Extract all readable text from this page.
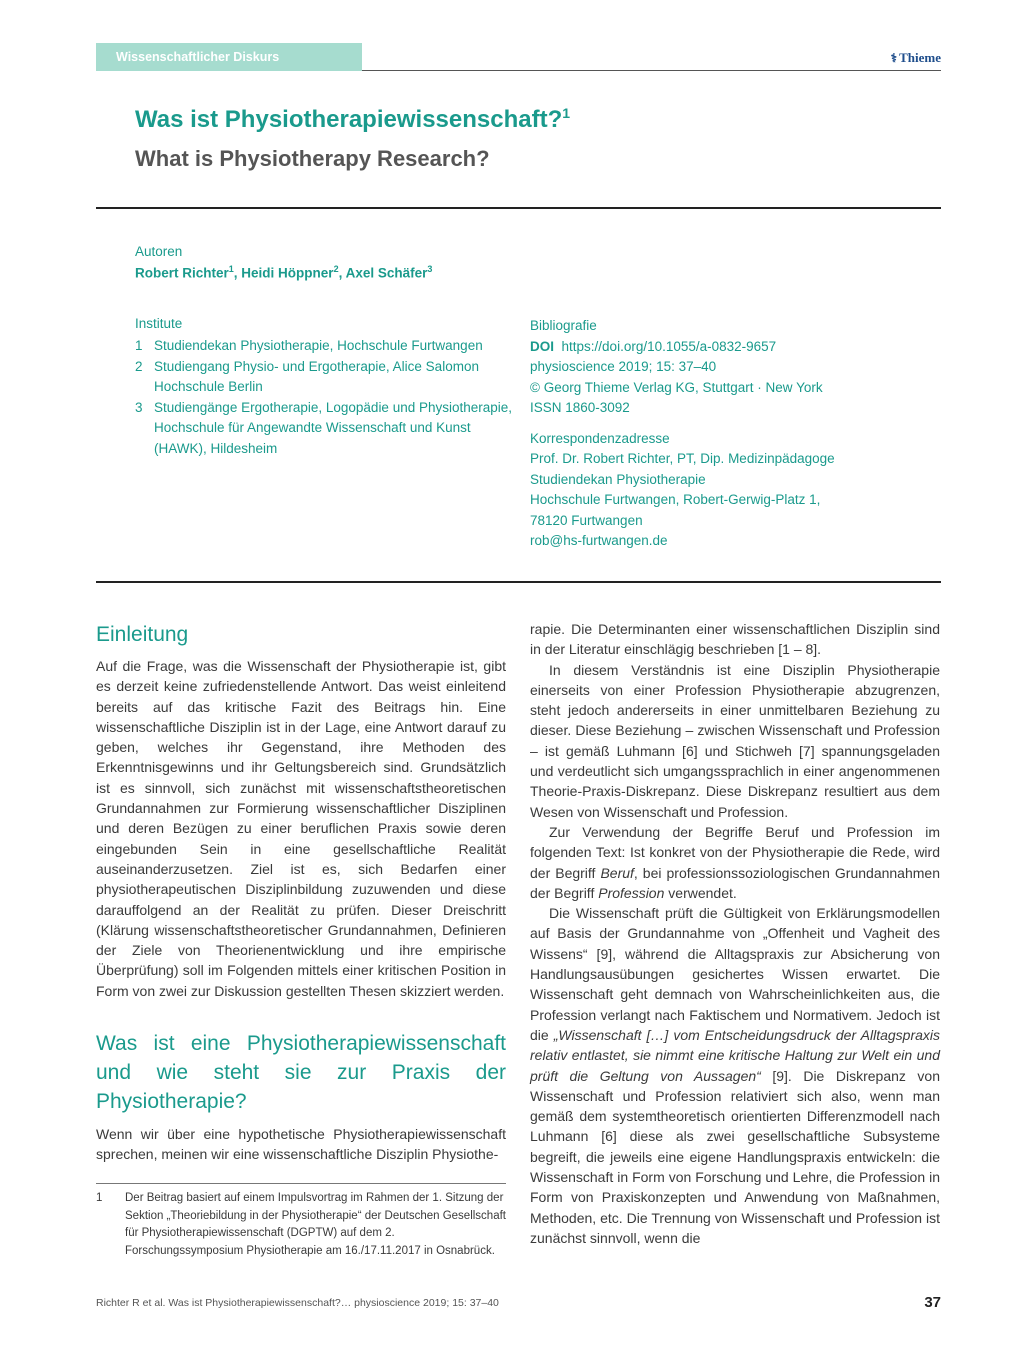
Wissenschaftlicher Diskurs	⚕ Thieme
Was ist Physiotherapiewissenschaft?$^1$
What is Physiotherapy Research?
Autoren
Robert Richter$^1$, Heidi Höppner$^2$, Axel Schäfer$^3$
Institute
1 Studiendekan Physiotherapie, Hochschule Furtwangen
2 Studiengang Physio- und Ergotherapie, Alice Salomon Hochschule Berlin
3 Studiengänge Ergotherapie, Logopädie und Physiotherapie, Hochschule für Angewandte Wissenschaft und Kunst (HAWK), Hildesheim
Bibliografie
DOI https://doi.org/10.1055/a-0832-9657
physioscience 2019; 15: 37–40
© Georg Thieme Verlag KG, Stuttgart · New York
ISSN 1860-3092
Korrespondenzadresse
Prof. Dr. Robert Richter, PT, Dip. Medizinpädagoge
Studiendekan Physiotherapie
Hochschule Furtwangen, Robert-Gerwig-Platz 1,
78120 Furtwangen
rob@hs-furtwangen.de
Einleitung

Auf die Frage, was die Wissenschaft der Physiotherapie ist, gibt es derzeit keine zufriedenstellende Antwort. Das weist einleitend bereits auf das kritische Fazit des Beitrags hin. Eine wissenschaftliche Disziplin ist in der Lage, eine Antwort darauf zu geben, welches ihr Gegenstand, ihre Methoden des Erkenntnisgewinns und ihr Geltungsbereich sind. Grundsätzlich ist es sinnvoll, sich zunächst mit wissenschaftstheoretischen Grundannahmen zur Formierung wissenschaftlicher Disziplinen und deren Bezügen zu einer beruflichen Praxis sowie deren eingebunden Sein in eine gesellschaftliche Realität auseinanderzusetzen. Ziel ist es, sich Bedarfen einer physiotherapeutischen Disziplinbildung zuzuwenden und diese darauffolgend an der Realität zu prüfen. Dieser Dreischritt (Klärung wissenschaftstheoretischer Grundannahmen, Definieren der Ziele von Theorienentwicklung und ihre empirische Überprüfung) soll im Folgenden mittels einer kritischen Position in Form von zwei zur Diskussion gestellten Thesen skizziert werden.

Was ist eine Physiotherapiewissenschaft und wie steht sie zur Praxis der Physiotherapie?

Wenn wir über eine hypothetische Physiotherapiewissenschaft sprechen, meinen wir eine wissenschaftliche Disziplin Physiothe-

rapie. Die Determinanten einer wissenschaftlichen Disziplin sind in der Literatur einschlägig beschrieben [1 – 8].

In diesem Verständnis ist eine Disziplin Physiotherapie einerseits von einer Profession Physiotherapie abzugrenzen, steht jedoch andererseits in einer unmittelbaren Beziehung zu dieser. Diese Beziehung – zwischen Wissenschaft und Profession – ist gemäß Luhmann [6] und Stichweh [7] spannungsgeladen und verdeutlicht sich umgangssprachlich in einer angenommenen Theorie-Praxis-Diskrepanz. Diese Diskrepanz resultiert aus dem Wesen von Wissenschaft und Profession.

Zur Verwendung der Begriffe Beruf und Profession im folgenden Text: Ist konkret von der Physiotherapie die Rede, wird der Begriff Beruf, bei professionssoziologischen Grundannahmen der Begriff Profession verwendet.

Die Wissenschaft prüft die Gültigkeit von Erklärungsmodellen auf Basis der Grundannahme von „Offenheit und Vagheit des Wissens“ [9], während die Alltagspraxis zur Absicherung von Handlungsausübungen gesichertes Wissen erwartet. Die Wissenschaft geht demnach von Wahrscheinlichkeiten aus, die Profession verlangt nach Faktischem und Normativem. Jedoch ist die „Wissenschaft […] vom Entscheidungsdruck der Alltagspraxis relativ entlastet, sie nimmt eine kritische Haltung zur Welt ein und prüft die Geltung von Aussagen“ [9]. Die Diskrepanz von Wissenschaft und Profession relativiert sich also, wenn man gemäß dem systemtheoretisch orientierten Differenzmodell nach Luhmann [6] diese als zwei gesellschaftliche Subsysteme begreift, die jeweils eine eigene Handlungspraxis entwickeln: die Wissenschaft in Form von Forschung und Lehre, die Profession in Form von Praxiskonzepten und Anwendung von Maßnahmen, Methoden, etc. Die Trennung von Wissenschaft und Profession ist zunächst sinnvoll, wenn die

1	Der Beitrag basiert auf einem Impulsvortrag im Rahmen der 1. Sitzung der Sektion „Theoriebildung in der Physiotherapie“ der Deutschen Gesellschaft für Physiotherapiewissenschaft (DGPTW) auf dem 2. Forschungssymposium Physiotherapie am 16./17.11.2017 in Osnabrück.
Richter R et al. Was ist Physiotherapiewissenschaft?… physioscience 2019; 15: 37–40	37
